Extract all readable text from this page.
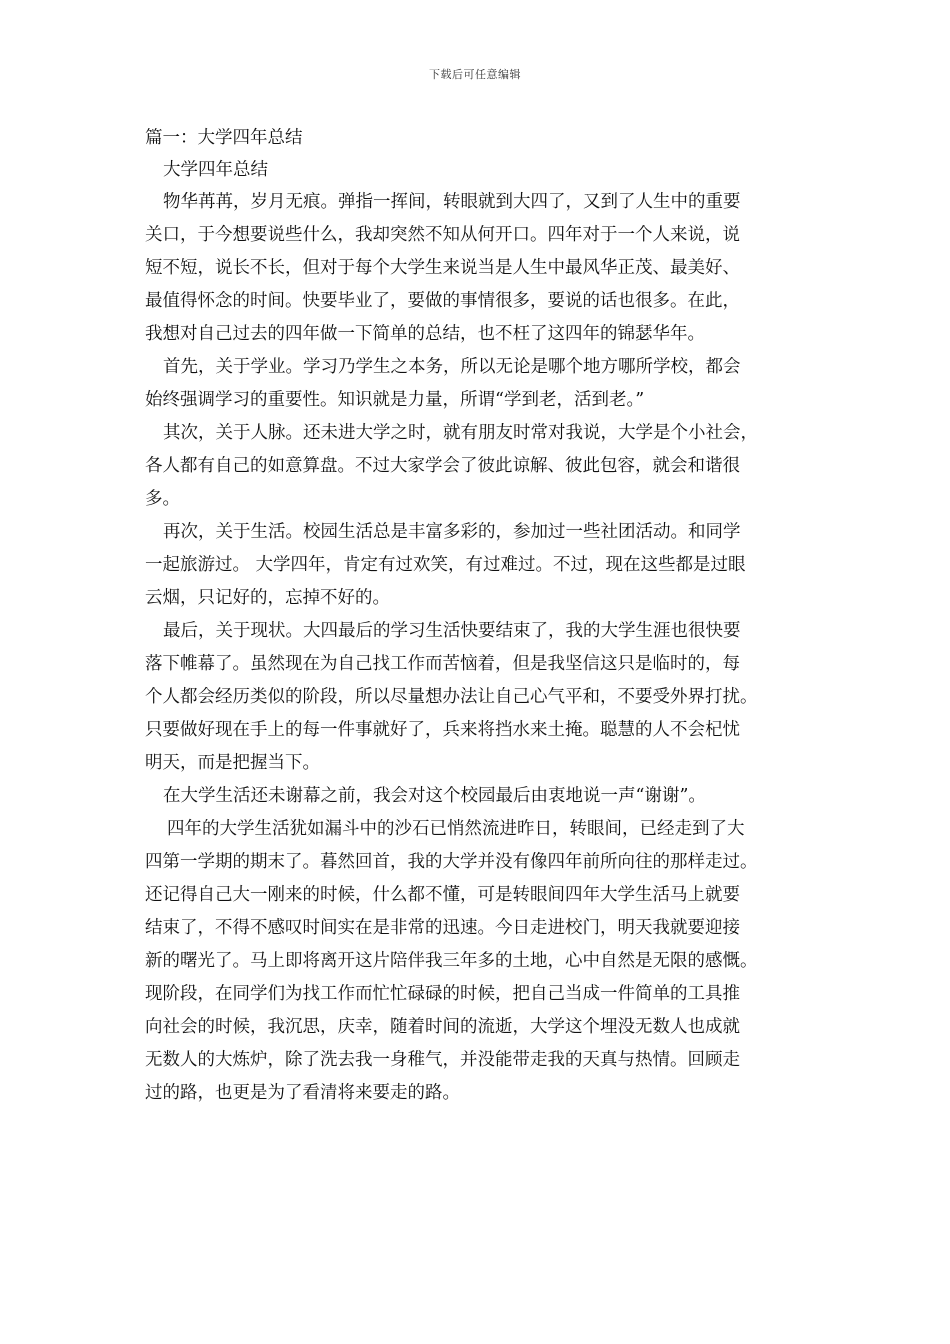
下载后可任意编辑
篇一：大学四年总结
大学四年总结
物华苒苒，岁月无痕。弹指一挥间，转眼就到大四了，又到了人生中的重要
关口，于今想要说些什么，我却突然不知从何开口。四年对于一个人来说，说
短不短，说长不长，但对于每个大学生来说当是人生中最风华正茂、最美好、
最值得怀念的时间。快要毕业了，要做的事情很多，要说的话也很多。在此，
我想对自己过去的四年做一下简单的总结，也不枉了这四年的锦瑟华年。
首先，关于学业。学习乃学生之本务，所以无论是哪个地方哪所学校，都会
始终强调学习的重要性。知识就是力量，所谓“学到老，活到老。”
其次，关于人脉。还未进大学之时，就有朋友时常对我说，大学是个小社会，
各人都有自己的如意算盘。不过大家学会了彼此谅解、彼此包容，就会和谐很
多。
再次，关于生活。校园生活总是丰富多彩的，参加过一些社团活动。和同学
一起旅游过。 大学四年，肯定有过欢笑，有过难过。不过，现在这些都是过眼
云烟，只记好的，忘掉不好的。
最后，关于现状。大四最后的学习生活快要结束了，我的大学生涯也很快要
落下帷幕了。虽然现在为自己找工作而苦恼着，但是我坚信这只是临时的，每
个人都会经历类似的阶段，所以尽量想办法让自己心气平和，不要受外界打扰。
只要做好现在手上的每一件事就好了，兵来将挡水来土掩。聪慧的人不会杞忧
明天，而是把握当下。
在大学生活还未谢幕之前，我会对这个校园最后由衷地说一声“谢谢”。
四年的大学生活犹如漏斗中的沙石已悄然流进昨日，转眼间，已经走到了大
四第一学期的期末了。暮然回首，我的大学并没有像四年前所向往的那样走过。
还记得自己大一刚来的时候，什么都不懂，可是转眼间四年大学生活马上就要
结束了，不得不感叹时间实在是非常的迅速。今日走进校门，明天我就要迎接
新的曙光了。马上即将离开这片陪伴我三年多的土地，心中自然是无限的感慨。
现阶段，在同学们为找工作而忙忙碌碌的时候，把自己当成一件简单的工具推
向社会的时候，我沉思，庆幸，随着时间的流逝，大学这个埋没无数人也成就
无数人的大炼炉，除了洗去我一身稚气，并没能带走我的天真与热情。回顾走
过的路，也更是为了看清将来要走的路。
